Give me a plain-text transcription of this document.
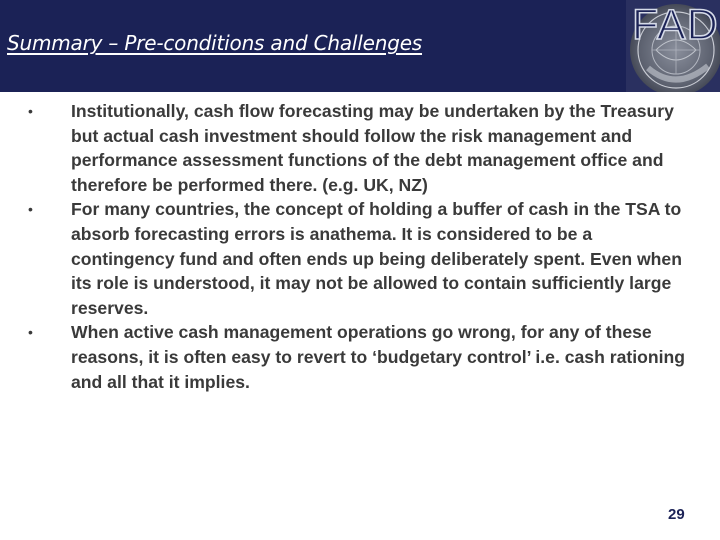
Summary – Pre-conditions and Challenges	FAD
• Institutionally, cash flow forecasting may be undertaken by the Treasury but actual cash investment should follow the risk management and performance assessment functions of the debt management office and therefore be performed there. (e.g. UK, NZ)
• For many countries, the concept of holding a buffer of cash in the TSA to absorb forecasting errors is anathema. It is considered to be a contingency fund and often ends up being deliberately spent. Even when its role is understood, it may not be allowed to contain sufficiently large reserves.
• When active cash management operations go wrong, for any of these reasons, it is often easy to revert to ‘budgetary control’ i.e. cash rationing and all that it implies.
29
